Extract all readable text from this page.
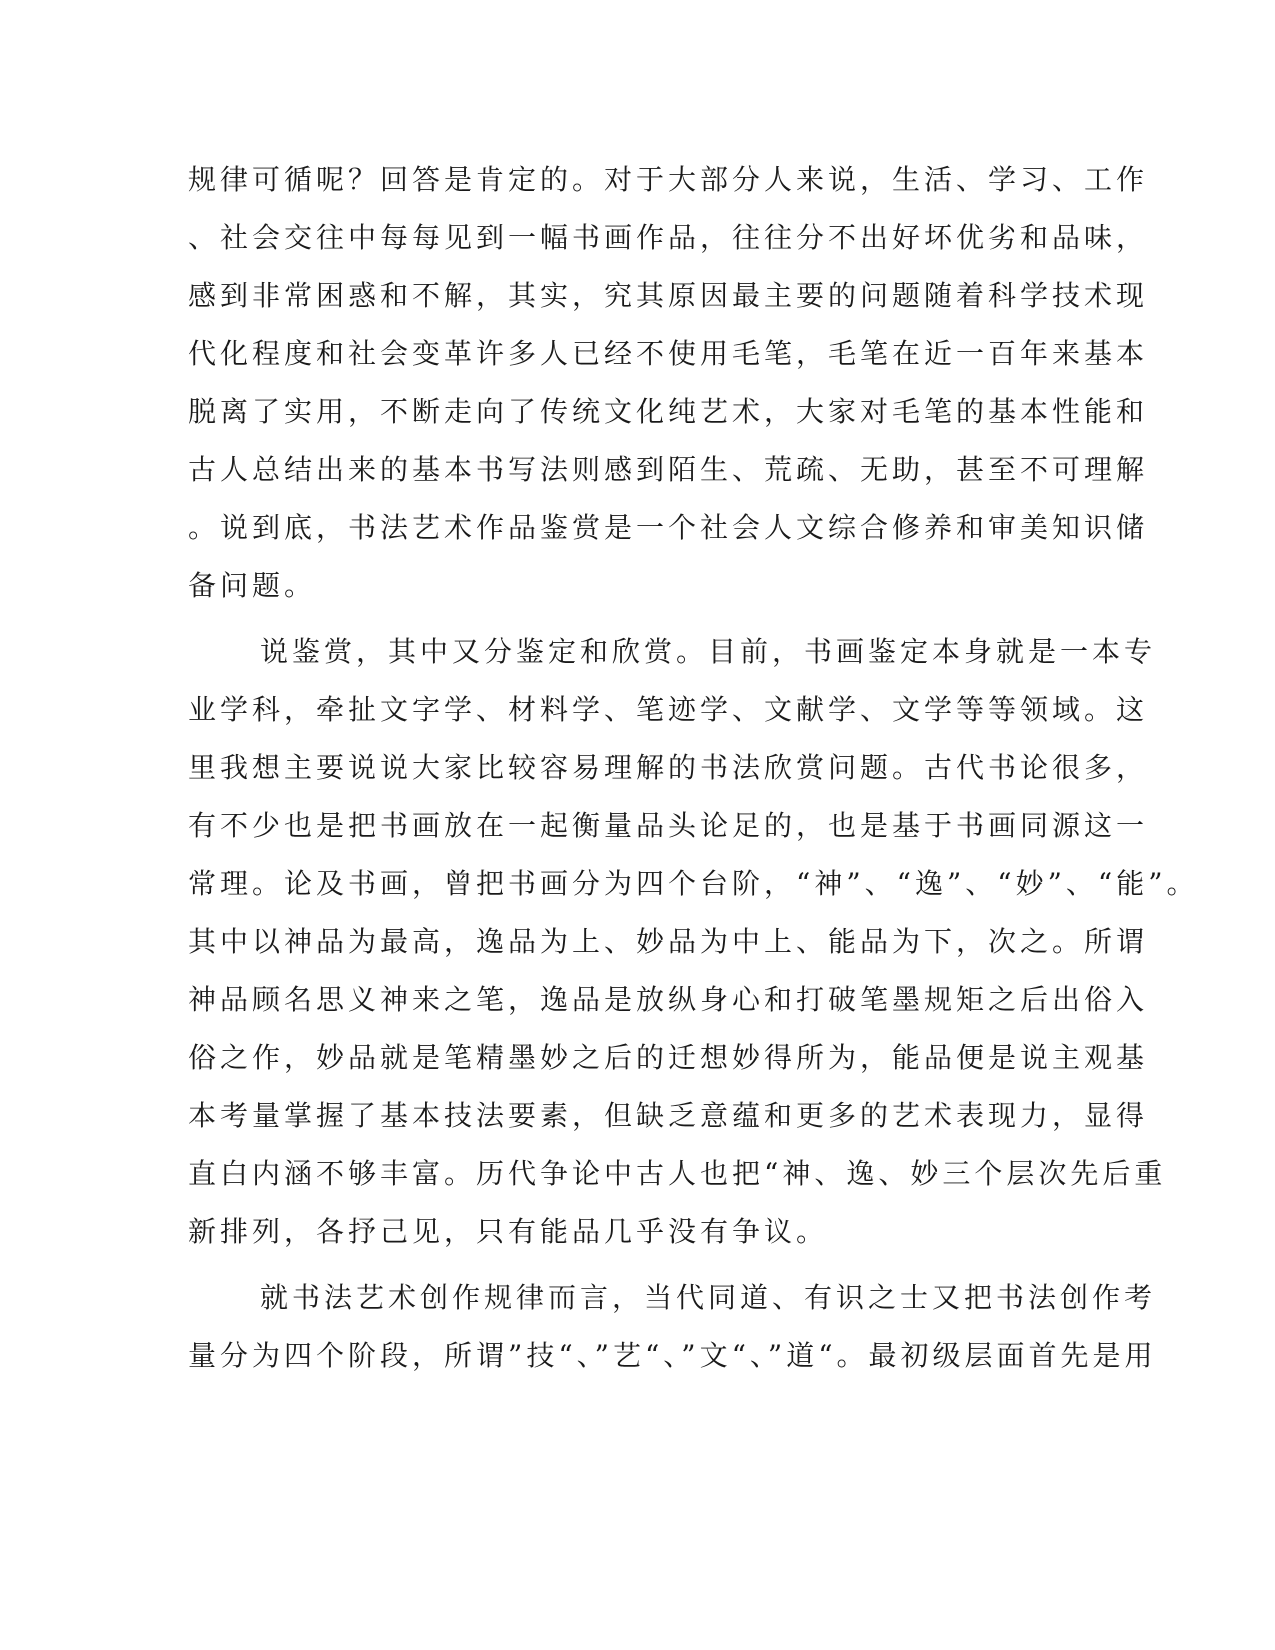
规律可循呢？回答是肯定的。对于大部分人来说，生活、学习、工作
、社会交往中每每见到一幅书画作品，往往分不出好坏优劣和品味，
感到非常困惑和不解，其实，究其原因最主要的问题随着科学技术现
代化程度和社会变革许多人已经不使用毛笔，毛笔在近一百年来基本
脱离了实用，不断走向了传统文化纯艺术，大家对毛笔的基本性能和
古人总结出来的基本书写法则感到陌生、荒疏、无助，甚至不可理解
。说到底，书法艺术作品鉴赏是一个社会人文综合修养和审美知识储
备问题。
说鉴赏，其中又分鉴定和欣赏。目前，书画鉴定本身就是一本专
业学科，牵扯文字学、材料学、笔迹学、文献学、文学等等领域。这
里我想主要说说大家比较容易理解的书法欣赏问题。古代书论很多，
有不少也是把书画放在一起衡量品头论足的，也是基于书画同源这一
常理。论及书画，曾把书画分为四个台阶，“神”、“逸”、“妙”、“能”。
其中以神品为最高，逸品为上、妙品为中上、能品为下，次之。所谓
神品顾名思义神来之笔，逸品是放纵身心和打破笔墨规矩之后出俗入
俗之作，妙品就是笔精墨妙之后的迁想妙得所为，能品便是说主观基
本考量掌握了基本技法要素，但缺乏意蕴和更多的艺术表现力，显得
直白内涵不够丰富。历代争论中古人也把“神、逸、妙三个层次先后重
新排列，各抒己见，只有能品几乎没有争议。
就书法艺术创作规律而言，当代同道、有识之士又把书法创作考
量分为四个阶段，所谓”技“、”艺“、”文“、”道“。最初级层面首先是用
